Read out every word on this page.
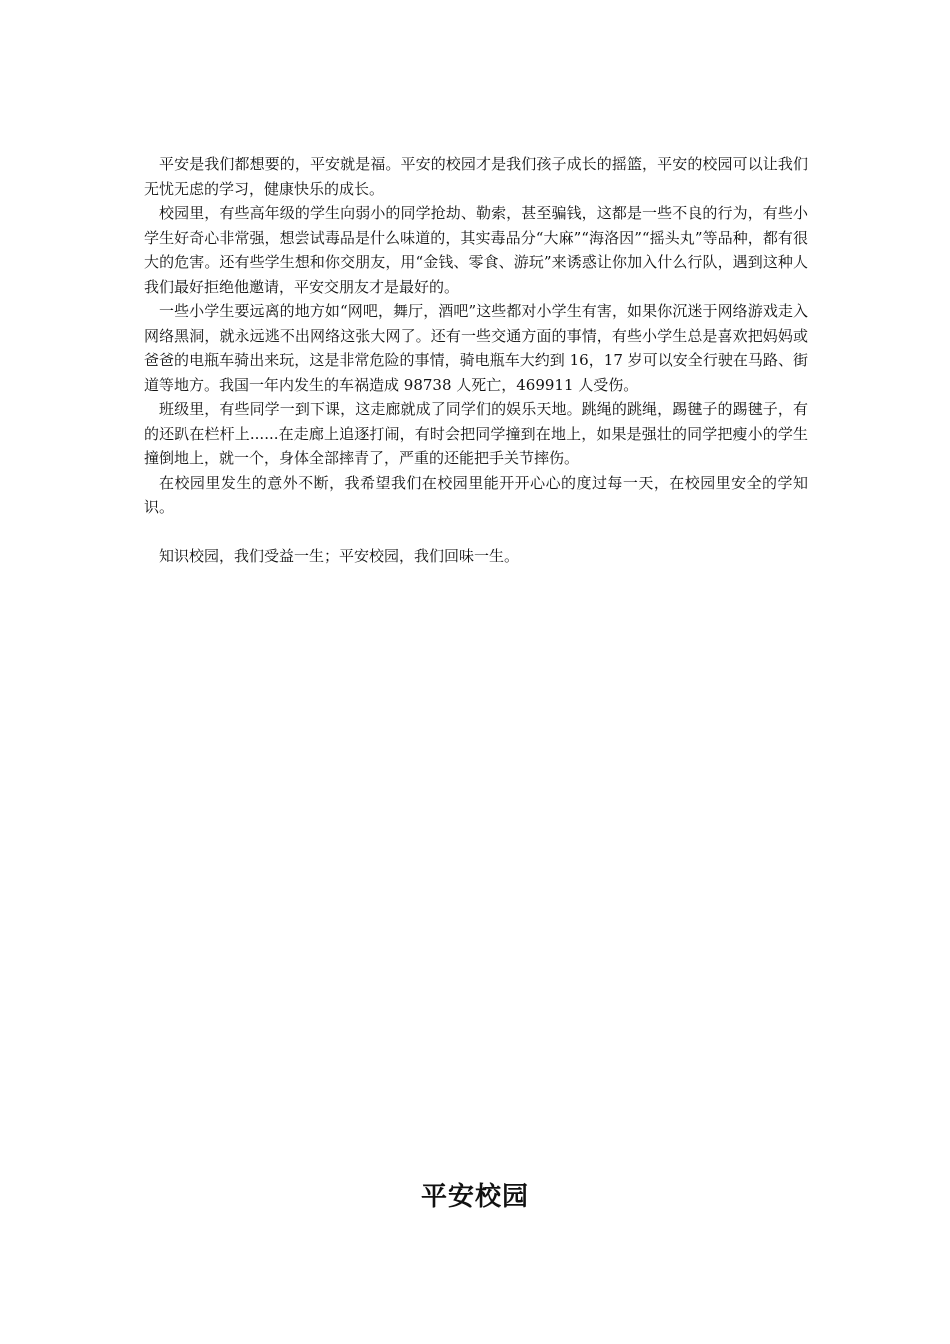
平安是我们都想要的，平安就是福。平安的校园才是我们孩子成长的摇篮，平安的校园可以让我们无忧无虑的学习，健康快乐的成长。

校园里，有些高年级的学生向弱小的同学抢劫、勒索，甚至骗钱，这都是一些不良的行为，有些小学生好奇心非常强，想尝试毒品是什么味道的，其实毒品分“大麻”“海洛因”“摇头丸”等品种，都有很大的危害。还有些学生想和你交朋友，用“金钱、零食、游玩”来诱惑让你加入什么行队，遇到这种人我们最好拒绝他邀请，平安交朋友才是最好的。

一些小学生要远离的地方如“网吧，舞厅，酒吧”这些都对小学生有害，如果你沉迷于网络游戏走入网络黑洞，就永远逃不出网络这张大网了。还有一些交通方面的事情，有些小学生总是喜欢把妈妈或爸爸的电瓶车骑出来玩，这是非常危险的事情，骑电瓶车大约到 16，17 岁可以安全行驶在马路、街道等地方。我国一年内发生的车祸造成 98738 人死亡，469911 人受伤。

班级里，有些同学一到下课，这走廊就成了同学们的娱乐天地。跳绳的跳绳，踢毽子的踢毽子，有的还趴在栏杆上......在走廊上追逐打闹，有时会把同学撞到在地上，如果是强壮的同学把瘦小的学生撞倒地上，就一个，身体全部摔青了，严重的还能把手关节摔伤。

在校园里发生的意外不断，我希望我们在校园里能开开心心的度过每一天，在校园里安全的学知识。

知识校园，我们受益一生；平安校园，我们回味一生。

平安校园
